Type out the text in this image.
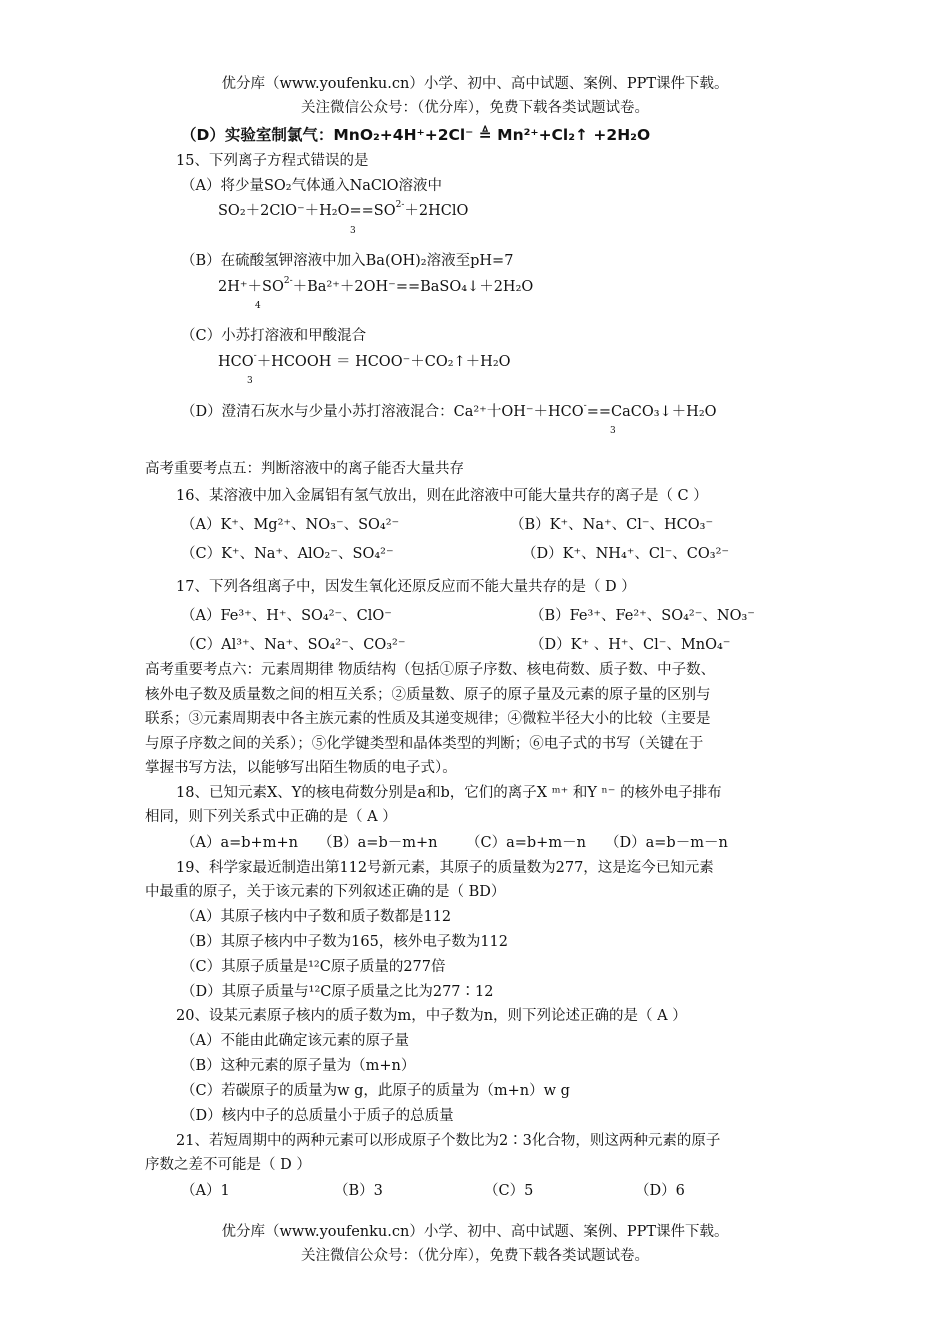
优分库（www.youfenku.cn）小学、初中、高中试题、案例、PPT课件下载。
关注微信公众号：（优分库），免费下载各类试题试卷。
（D）实验室制氯气：MnO₂+4H⁺+2Cl⁻ ≜ Mn²⁺+Cl₂↑ +2H₂O
15、下列离子方程式错误的是
（A）将少量SO₂气体通入NaClO溶液中
$SO_2+2ClO^-+H_2O==SO^{2-}+2HClO$
3
（B）在硫酸氢钾溶液中加入Ba(OH)₂溶液至pH=7
$2H^++SO^{2-}+Ba^{2+}+2OH^-==BaSO_4↓+2H_2O$
4
（C）小苏打溶液和甲酸混合
HCO-＋HCOOH ＝ HCOO⁻＋CO₂↑＋H₂O
3
（D）澄清石灰水与少量小苏打溶液混合：Ca²⁺十OH⁻＋HCO-==CaCO₃↓＋H₂O
3
高考重要考点五：判断溶液中的离子能否大量共存
16、某溶液中加入金属铝有氢气放出，则在此溶液中可能大量共存的离子是（ C ）
（A）K⁺、Mg²⁺、NO₃⁻、SO₄²⁻	（B）K⁺、Na⁺、Cl⁻、HCO₃⁻
（C）K⁺、Na⁺、AlO₂⁻、SO₄²⁻	（D）K⁺、NH₄⁺、Cl⁻、CO₃²⁻
17、下列各组离子中，因发生氧化还原反应而不能大量共存的是（ D ）
（A）Fe³⁺、H⁺、SO₄²⁻、ClO⁻	（B）Fe³⁺、Fe²⁺、SO₄²⁻、NO₃⁻
（C）Al³⁺、Na⁺、SO₄²⁻、CO₃²⁻	（D）K⁺ 、H⁺、Cl⁻、MnO₄⁻
高考重要考点六：元素周期律 物质结构（包括①原子序数、核电荷数、质子数、中子数、
核外电子数及质量数之间的相互关系；②质量数、原子的原子量及元素的原子量的区别与
联系；③元素周期表中各主族元素的性质及其递变规律；④微粒半径大小的比较（主要是
与原子序数之间的关系）；⑤化学键类型和晶体类型的判断；⑥电子式的书写（关键在于
掌握书写方法，以能够写出陌生物质的电子式）。
18、已知元素X、Y的核电荷数分别是a和b，它们的离子X ᵐ⁺ 和Y ⁿ⁻ 的核外电子排布
相同，则下列关系式中正确的是（ A ）
（A）a=b+m+n （B）a=b－m+n （C）a=b+m－n （D）a=b－m－n
19、科学家最近制造出第112号新元素，其原子的质量数为277，这是迄今已知元素
中最重的原子，关于该元素的下列叙述正确的是（ BD）
（A）其原子核内中子数和质子数都是112
（B）其原子核内中子数为165，核外电子数为112
（C）其原子质量是¹²C原子质量的277倍
（D）其原子质量与¹²C原子质量之比为277∶12
20、设某元素原子核内的质子数为m，中子数为n，则下列论述正确的是（ A ）
（A）不能由此确定该元素的原子量
（B）这种元素的原子量为（m+n）
（C）若碳原子的质量为w g，此原子的质量为（m+n）w g
（D）核内中子的总质量小于质子的总质量
21、若短周期中的两种元素可以形成原子个数比为2∶3化合物，则这两种元素的原子
序数之差不可能是（ D ）
（A）1	（B）3	（C）5	（D）6
优分库（www.youfenku.cn）小学、初中、高中试题、案例、PPT课件下载。
关注微信公众号：（优分库），免费下载各类试题试卷。
